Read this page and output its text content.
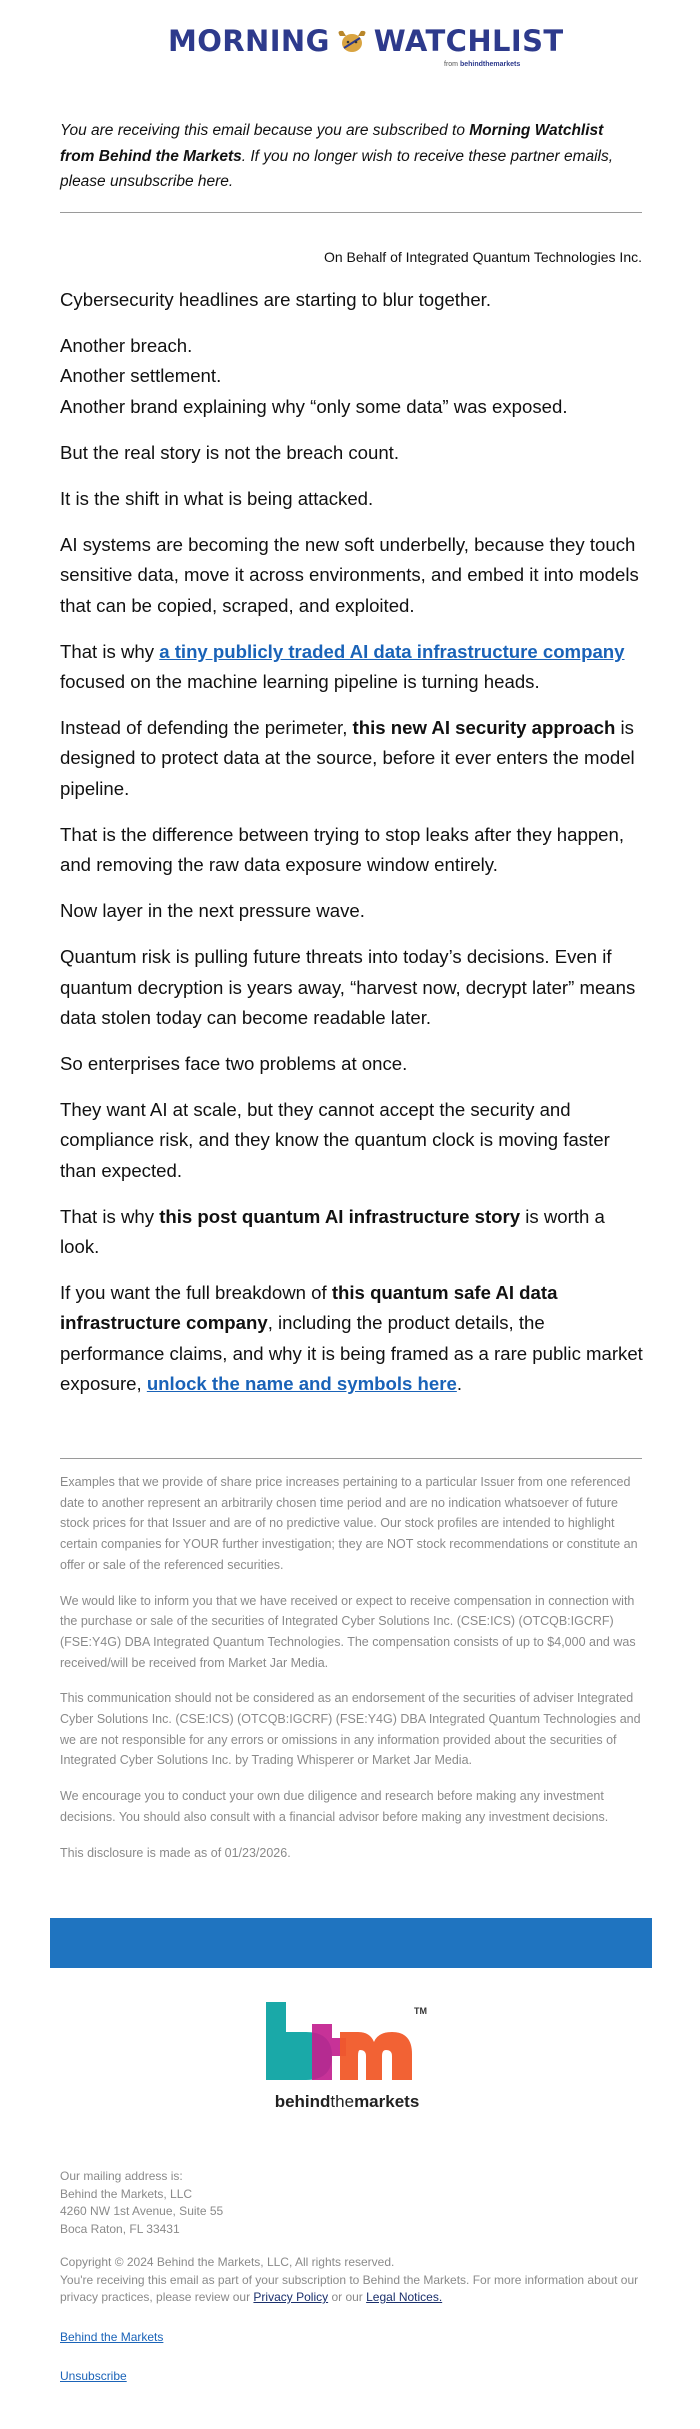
MORNING WATCHLIST
from behindthemarkets
You are receiving this email because you are subscribed to Morning Watchlist from Behind the Markets. If you no longer wish to receive these partner emails, please unsubscribe here.
On Behalf of Integrated Quantum Technologies Inc.

Cybersecurity headlines are starting to blur together.

Another breach.
Another settlement.
Another brand explaining why “only some data” was exposed.

But the real story is not the breach count.

It is the shift in what is being attacked.

AI systems are becoming the new soft underbelly, because they touch sensitive data, move it across environments, and embed it into models that can be copied, scraped, and exploited.

That is why a tiny publicly traded AI data infrastructure company focused on the machine learning pipeline is turning heads.

Instead of defending the perimeter, this new AI security approach is designed to protect data at the source, before it ever enters the model pipeline.

That is the difference between trying to stop leaks after they happen, and removing the raw data exposure window entirely.

Now layer in the next pressure wave.

Quantum risk is pulling future threats into today’s decisions. Even if quantum decryption is years away, “harvest now, decrypt later” means data stolen today can become readable later.

So enterprises face two problems at once.

They want AI at scale, but they cannot accept the security and compliance risk, and they know the quantum clock is moving faster than expected.

That is why this post quantum AI infrastructure story is worth a look.

If you want the full breakdown of this quantum safe AI data infrastructure company, including the product details, the performance claims, and why it is being framed as a rare public market exposure, unlock the name and symbols here.

Examples that we provide of share price increases pertaining to a particular Issuer from one referenced date to another represent an arbitrarily chosen time period and are no indication whatsoever of future stock prices for that Issuer and are of no predictive value. Our stock profiles are intended to highlight certain companies for YOUR further investigation; they are NOT stock recommendations or constitute an offer or sale of the referenced securities.

We would like to inform you that we have received or expect to receive compensation in connection with the purchase or sale of the securities of Integrated Cyber Solutions Inc. (CSE:ICS) (OTCQB:IGCRF) (FSE:Y4G) DBA Integrated Quantum Technologies. The compensation consists of up to $4,000 and was received/will be received from Market Jar Media.

This communication should not be considered as an endorsement of the securities of adviser Integrated Cyber Solutions Inc. (CSE:ICS) (OTCQB:IGCRF) (FSE:Y4G) DBA Integrated Quantum Technologies and we are not responsible for any errors or omissions in any information provided about the securities of Integrated Cyber Solutions Inc. by Trading Whisperer or Market Jar Media.

We encourage you to conduct your own due diligence and research before making any investment decisions. You should also consult with a financial advisor before making any investment decisions.

This disclosure is made as of 01/23/2026.

TM
behindthemarkets
Our mailing address is:
Behind the Markets, LLC
4260 NW 1st Avenue, Suite 55
Boca Raton, FL 33431
Copyright © 2024 Behind the Markets, LLC, All rights reserved.
You're receiving this email as part of your subscription to Behind the Markets. For more information about our privacy practices, please review our Privacy Policy or our Legal Notices.
Behind the Markets
Unsubscribe
